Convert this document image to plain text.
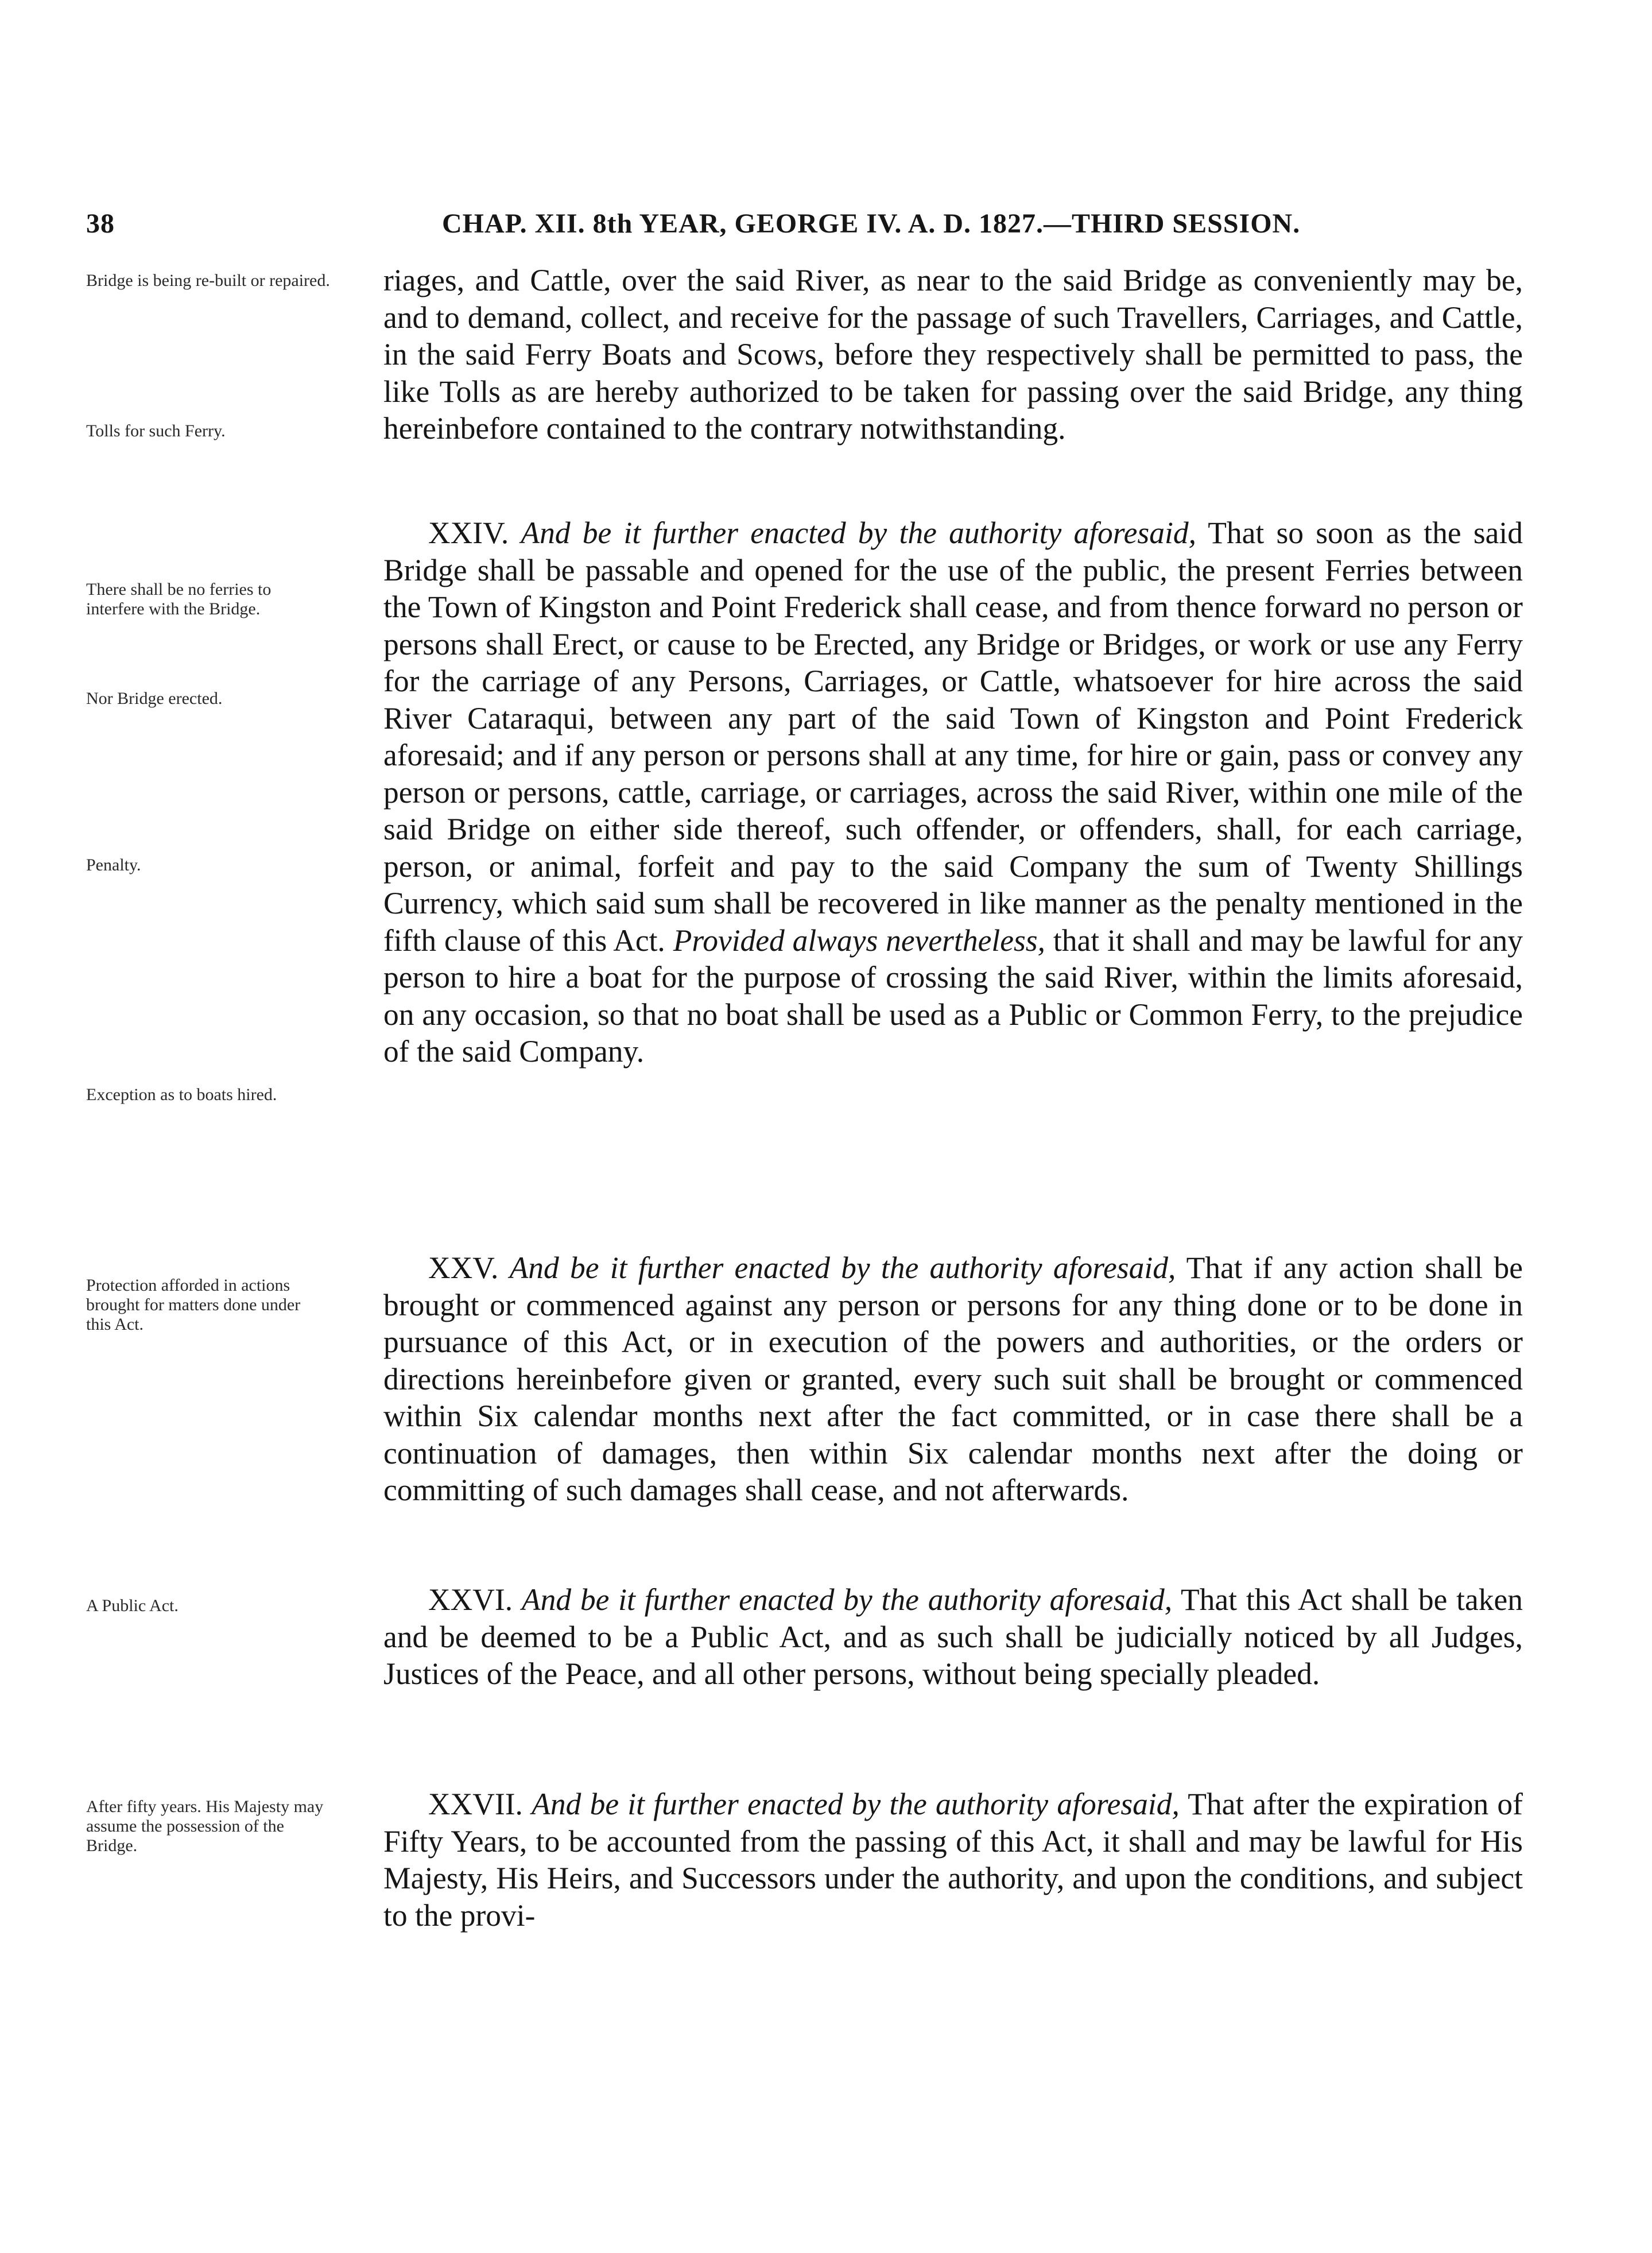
38	CHAP. XII. 8th YEAR, GEORGE IV. A. D. 1827.—THIRD SESSION.
Bridge is being re-built or repaired.
Tolls for such Ferry.
There shall be no ferries to interfere with the Bridge.
Nor Bridge erected.
Penalty.
Exception as to boats hired.
Protection afforded in actions brought for matters done under this Act.
A Public Act.
After fifty years. His Majesty may assume the possession of the Bridge.

riages, and Cattle, over the said River, as near to the said Bridge as conveniently may be, and to demand, collect, and receive for the passage of such Travellers, Carriages, and Cattle, in the said Ferry Boats and Scows, before they respectively shall be permitted to pass, the like Tolls as are hereby authorized to be taken for passing over the said Bridge, any thing hereinbefore contained to the contrary notwithstanding.

XXIV. And be it further enacted by the authority aforesaid, That so soon as the said Bridge shall be passable and opened for the use of the public, the present Ferries between the Town of Kingston and Point Frederick shall cease, and from thence forward no person or persons shall Erect, or cause to be Erected, any Bridge or Bridges, or work or use any Ferry for the carriage of any Persons, Carriages, or Cattle, whatsoever for hire across the said River Cataraqui, between any part of the said Town of Kingston and Point Frederick aforesaid; and if any person or persons shall at any time, for hire or gain, pass or convey any person or persons, cattle, carriage, or carriages, across the said River, within one mile of the said Bridge on either side thereof, such offender, or offenders, shall, for each carriage, person, or animal, forfeit and pay to the said Company the sum of Twenty Shillings Currency, which said sum shall be recovered in like manner as the penalty mentioned in the fifth clause of this Act. Provided always nevertheless, that it shall and may be lawful for any person to hire a boat for the purpose of crossing the said River, within the limits aforesaid, on any occasion, so that no boat shall be used as a Public or Common Ferry, to the prejudice of the said Company.

XXV. And be it further enacted by the authority aforesaid, That if any action shall be brought or commenced against any person or persons for any thing done or to be done in pursuance of this Act, or in execution of the powers and authorities, or the orders or directions hereinbefore given or granted, every such suit shall be brought or commenced within Six calendar months next after the fact committed, or in case there shall be a continuation of damages, then within Six calendar months next after the doing or committing of such damages shall cease, and not afterwards.

XXVI. And be it further enacted by the authority aforesaid, That this Act shall be taken and be deemed to be a Public Act, and as such shall be judicially noticed by all Judges, Justices of the Peace, and all other persons, without being specially pleaded.

XXVII. And be it further enacted by the authority aforesaid, That after the expiration of Fifty Years, to be accounted from the passing of this Act, it shall and may be lawful for His Majesty, His Heirs, and Successors under the authority, and upon the conditions, and subject to the provi-
